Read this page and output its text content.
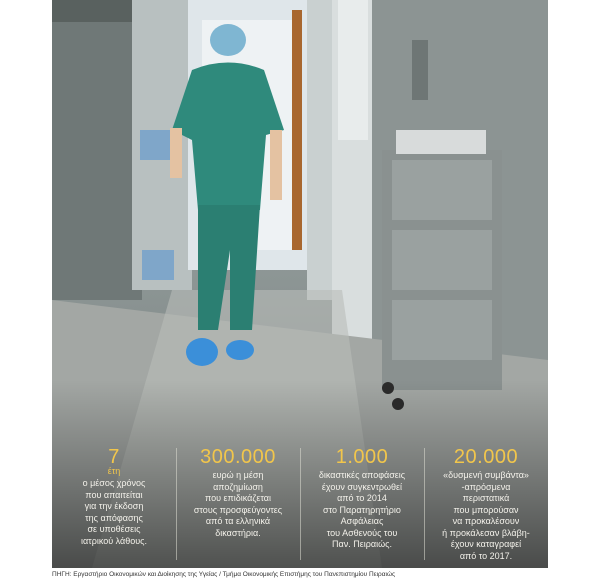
7
έτη
ο μέσος χρόνος
που απαιτείται
για την έκδοση
της απόφασης
σε υποθέσεις
ιατρικού λάθους.
300.000
ευρώ η μέση
αποζημίωση
που επιδικάζεται
στους προσφεύγοντες
από τα ελληνικά
δικαστήρια.
1.000
δικαστικές αποφάσεις
έχουν συγκεντρωθεί
από το 2014
στο Παρατηρητήριο
Ασφάλειας
του Ασθενούς του
Παν. Πειραιώς.
20.000
«δυσμενή συμβάντα»
-απρόσμενα
περιστατικά
που μπορούσαν
να προκαλέσουν
ή προκάλεσαν βλάβη-
έχουν καταγραφεί
από το 2017.
ΠΗΓΗ: Εργαστήριο Οικονομικών και Διοίκησης της Υγείας / Τμήμα Οικονομικής Επιστήμης του Πανεπιστημίου Πειραιώς
